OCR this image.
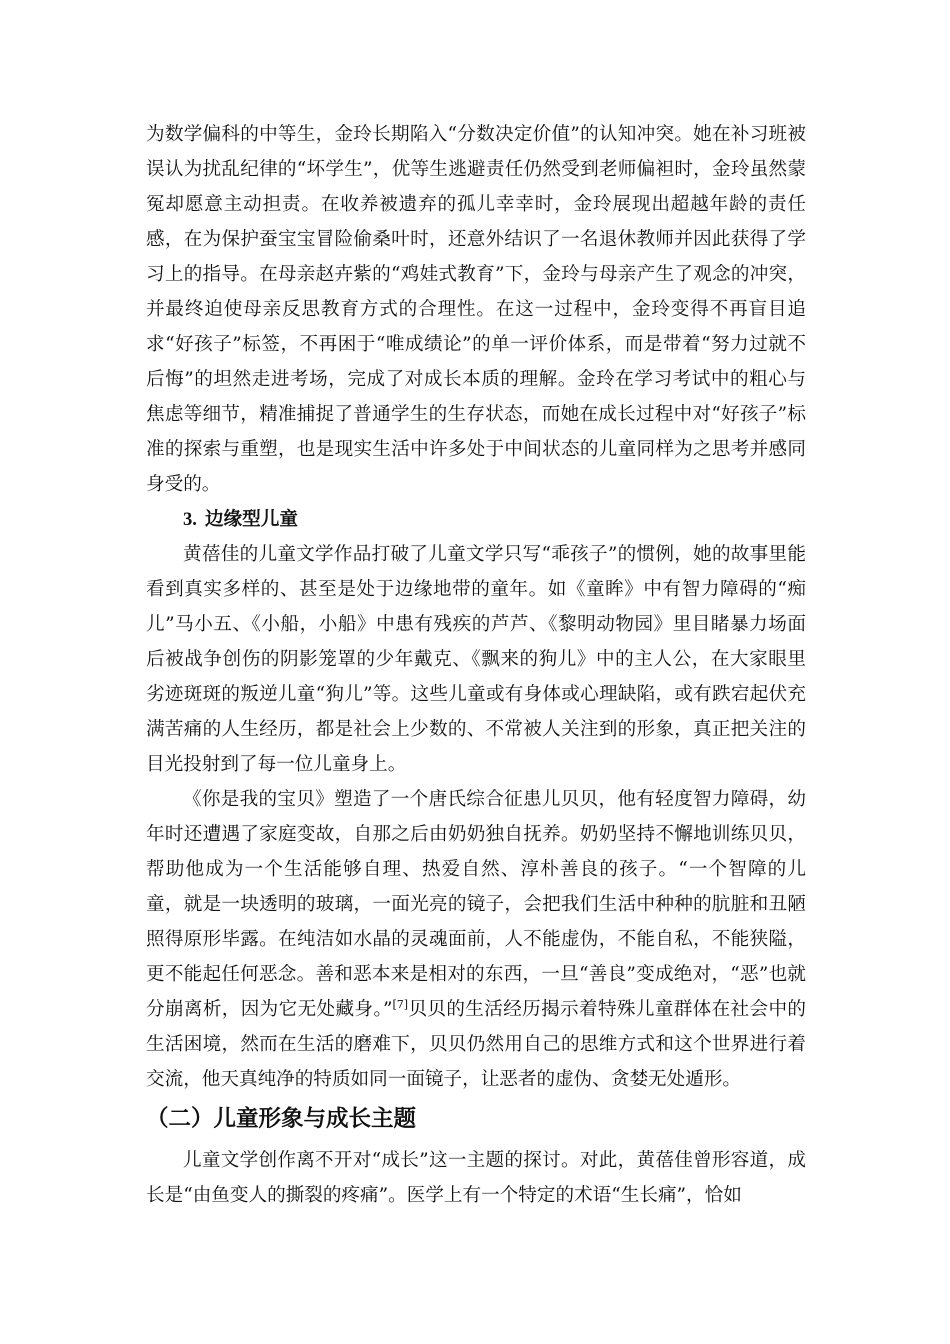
为数学偏科的中等生，金玲长期陷入“分数决定价值”的认知冲突。她在补习班被误认为扰乱纪律的“坏学生”，优等生逃避责任仍然受到老师偏袒时，金玲虽然蒙冤却愿意主动担责。在收养被遗弃的孤儿幸幸时，金玲展现出超越年龄的责任感，在为保护蚕宝宝冒险偷桑叶时，还意外结识了一名退休教师并因此获得了学习上的指导。在母亲赵卉紫的“鸡娃式教育”下，金玲与母亲产生了观念的冲突，并最终迫使母亲反思教育方式的合理性。在这一过程中，金玲变得不再盲目追求“好孩子”标签，不再困于“唯成绩论”的单一评价体系，而是带着“努力过就不后悔”的坦然走进考场，完成了对成长本质的理解。金玲在学习考试中的粗心与焦虑等细节，精准捕捉了普通学生的生存状态，而她在成长过程中对“好孩子”标准的探索与重塑，也是现实生活中许多处于中间状态的儿童同样为之思考并感同身受的。

3. 边缘型儿童

黄蓓佳的儿童文学作品打破了儿童文学只写“乖孩子”的惯例，她的故事里能看到真实多样的、甚至是处于边缘地带的童年。如《童眸》中有智力障碍的“痴儿”马小五、《小船，小船》中患有残疾的芦芦、《黎明动物园》里目睹暴力场面后被战争创伤的阴影笼罩的少年戴克、《飘来的狗儿》中的主人公，在大家眼里劣迹斑斑的叛逆儿童“狗儿”等。这些儿童或有身体或心理缺陷，或有跌宕起伏充满苦痛的人生经历，都是社会上少数的、不常被人关注到的形象，真正把关注的目光投射到了每一位儿童身上。

《你是我的宝贝》塑造了一个唐氏综合征患儿贝贝，他有轻度智力障碍，幼年时还遭遇了家庭变故，自那之后由奶奶独自抚养。奶奶坚持不懈地训练贝贝，帮助他成为一个生活能够自理、热爱自然、淳朴善良的孩子。“一个智障的儿童，就是一块透明的玻璃，一面光亮的镜子，会把我们生活中种种的肮脏和丑陋照得原形毕露。在纯洁如水晶的灵魂面前，人不能虚伪，不能自私，不能狭隘，更不能起任何恶念。善和恶本来是相对的东西，一旦“善良”变成绝对，“恶”也就分崩离析，因为它无处藏身。”[7]贝贝的生活经历揭示着特殊儿童群体在社会中的生活困境，然而在生活的磨难下，贝贝仍然用自己的思维方式和这个世界进行着交流，他天真纯净的特质如同一面镜子，让恶者的虚伪、贪婪无处遁形。

（二）儿童形象与成长主题

儿童文学创作离不开对“成长”这一主题的探讨。对此，黄蓓佳曾形容道，成长是“由鱼变人的撕裂的疼痛”。医学上有一个特定的术语“生长痛”，恰如
